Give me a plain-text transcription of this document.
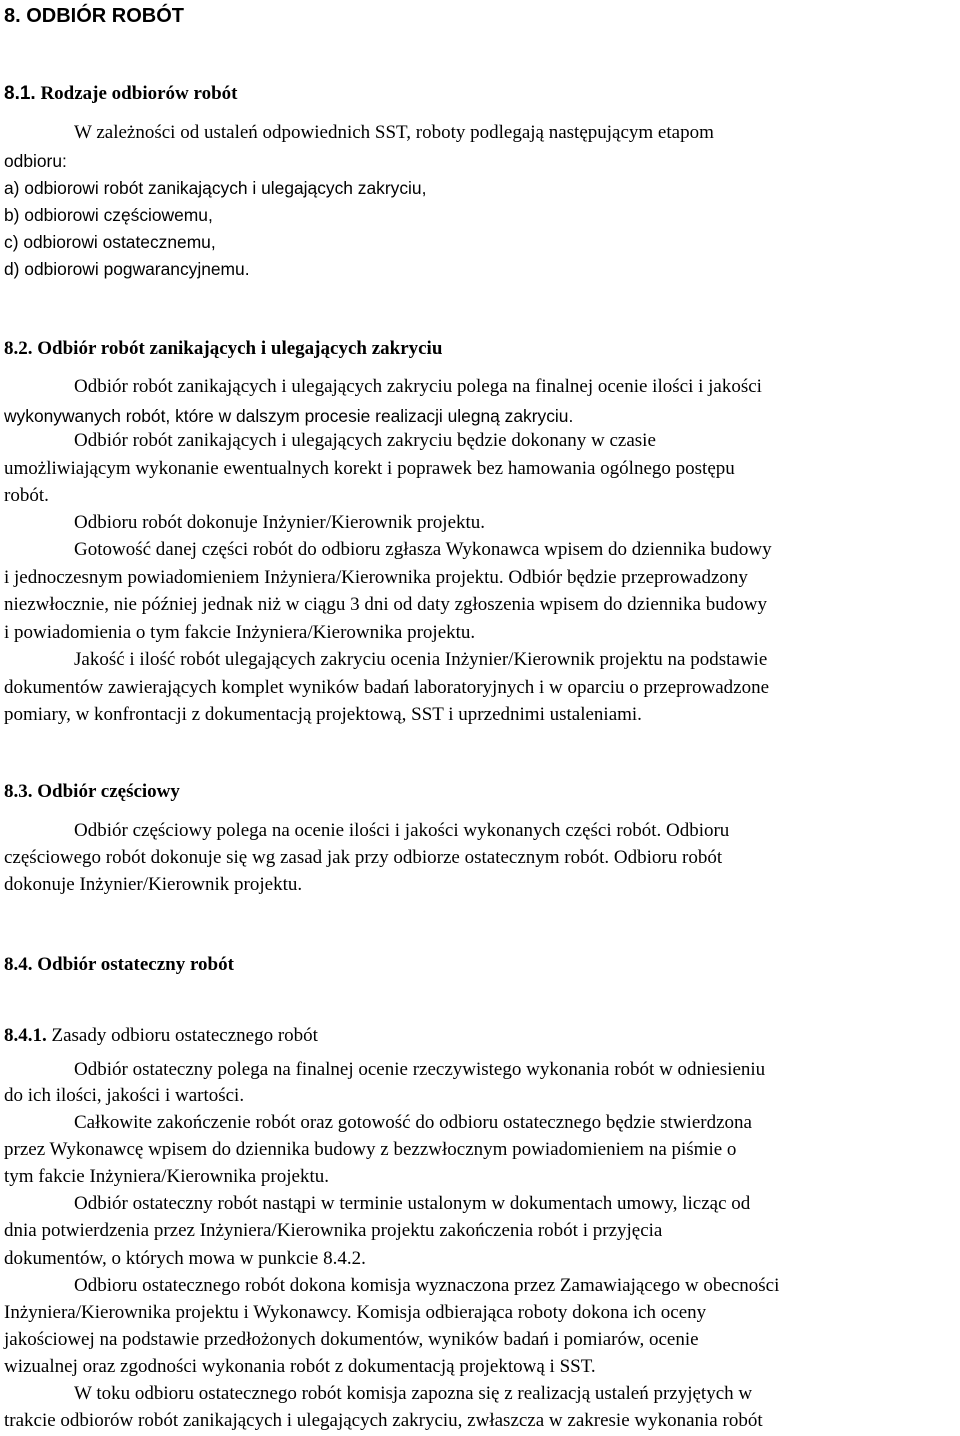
8. ODBIÓR ROBÓT
8.1. Rodzaje odbiorów robót
W zależności od ustaleń odpowiednich SST, roboty podlegają następującym etapom
odbioru:
a) odbiorowi robót zanikających i ulegających zakryciu,
b) odbiorowi częściowemu,
c) odbiorowi ostatecznemu,
d) odbiorowi pogwarancyjnemu.
8.2. Odbiór robót zanikających i ulegających zakryciu
Odbiór robót zanikających i ulegających zakryciu polega na finalnej ocenie ilości i jakości
wykonywanych robót, które w dalszym procesie realizacji ulegną zakryciu.
Odbiór robót zanikających i ulegających zakryciu będzie dokonany w czasie
umożliwiającym wykonanie ewentualnych korekt i poprawek bez hamowania ogólnego postępu
robót.
Odbioru robót dokonuje Inżynier/Kierownik projektu.
Gotowość danej części robót do odbioru zgłasza Wykonawca wpisem do dziennika budowy
i jednoczesnym powiadomieniem Inżyniera/Kierownika projektu. Odbiór będzie przeprowadzony
niezwłocznie, nie później jednak niż w ciągu 3 dni od daty zgłoszenia wpisem do dziennika budowy
i powiadomienia o tym fakcie Inżyniera/Kierownika projektu.
Jakość i ilość robót ulegających zakryciu ocenia Inżynier/Kierownik projektu na podstawie
dokumentów zawierających komplet wyników badań laboratoryjnych i w oparciu o przeprowadzone
pomiary, w konfrontacji z dokumentacją projektową, SST i uprzednimi ustaleniami.
8.3. Odbiór częściowy
Odbiór częściowy polega na ocenie ilości i jakości wykonanych części robót. Odbioru
częściowego robót dokonuje się wg zasad jak przy odbiorze ostatecznym robót. Odbioru robót
dokonuje Inżynier/Kierownik projektu.
8.4. Odbiór ostateczny robót
8.4.1. Zasady odbioru ostatecznego robót
Odbiór ostateczny polega na finalnej ocenie rzeczywistego wykonania robót w odniesieniu
do ich ilości, jakości i wartości.
Całkowite zakończenie robót oraz gotowość do odbioru ostatecznego będzie stwierdzona
przez Wykonawcę wpisem do dziennika budowy z bezzwłocznym powiadomieniem na piśmie o
tym fakcie Inżyniera/Kierownika projektu.
Odbiór ostateczny robót nastąpi w terminie ustalonym w dokumentach umowy, licząc od
dnia potwierdzenia przez Inżyniera/Kierownika projektu zakończenia robót i przyjęcia
dokumentów, o których mowa w punkcie 8.4.2.
Odbioru ostatecznego robót dokona komisja wyznaczona przez Zamawiającego w obecności
Inżyniera/Kierownika projektu i Wykonawcy. Komisja odbierająca roboty dokona ich oceny
jakościowej na podstawie przedłożonych dokumentów, wyników badań i pomiarów, ocenie
wizualnej oraz zgodności wykonania robót z dokumentacją projektową i SST.
W toku odbioru ostatecznego robót komisja zapozna się z realizacją ustaleń przyjętych w
trakcie odbiorów robót zanikających i ulegających zakryciu, zwłaszcza w zakresie wykonania robót
